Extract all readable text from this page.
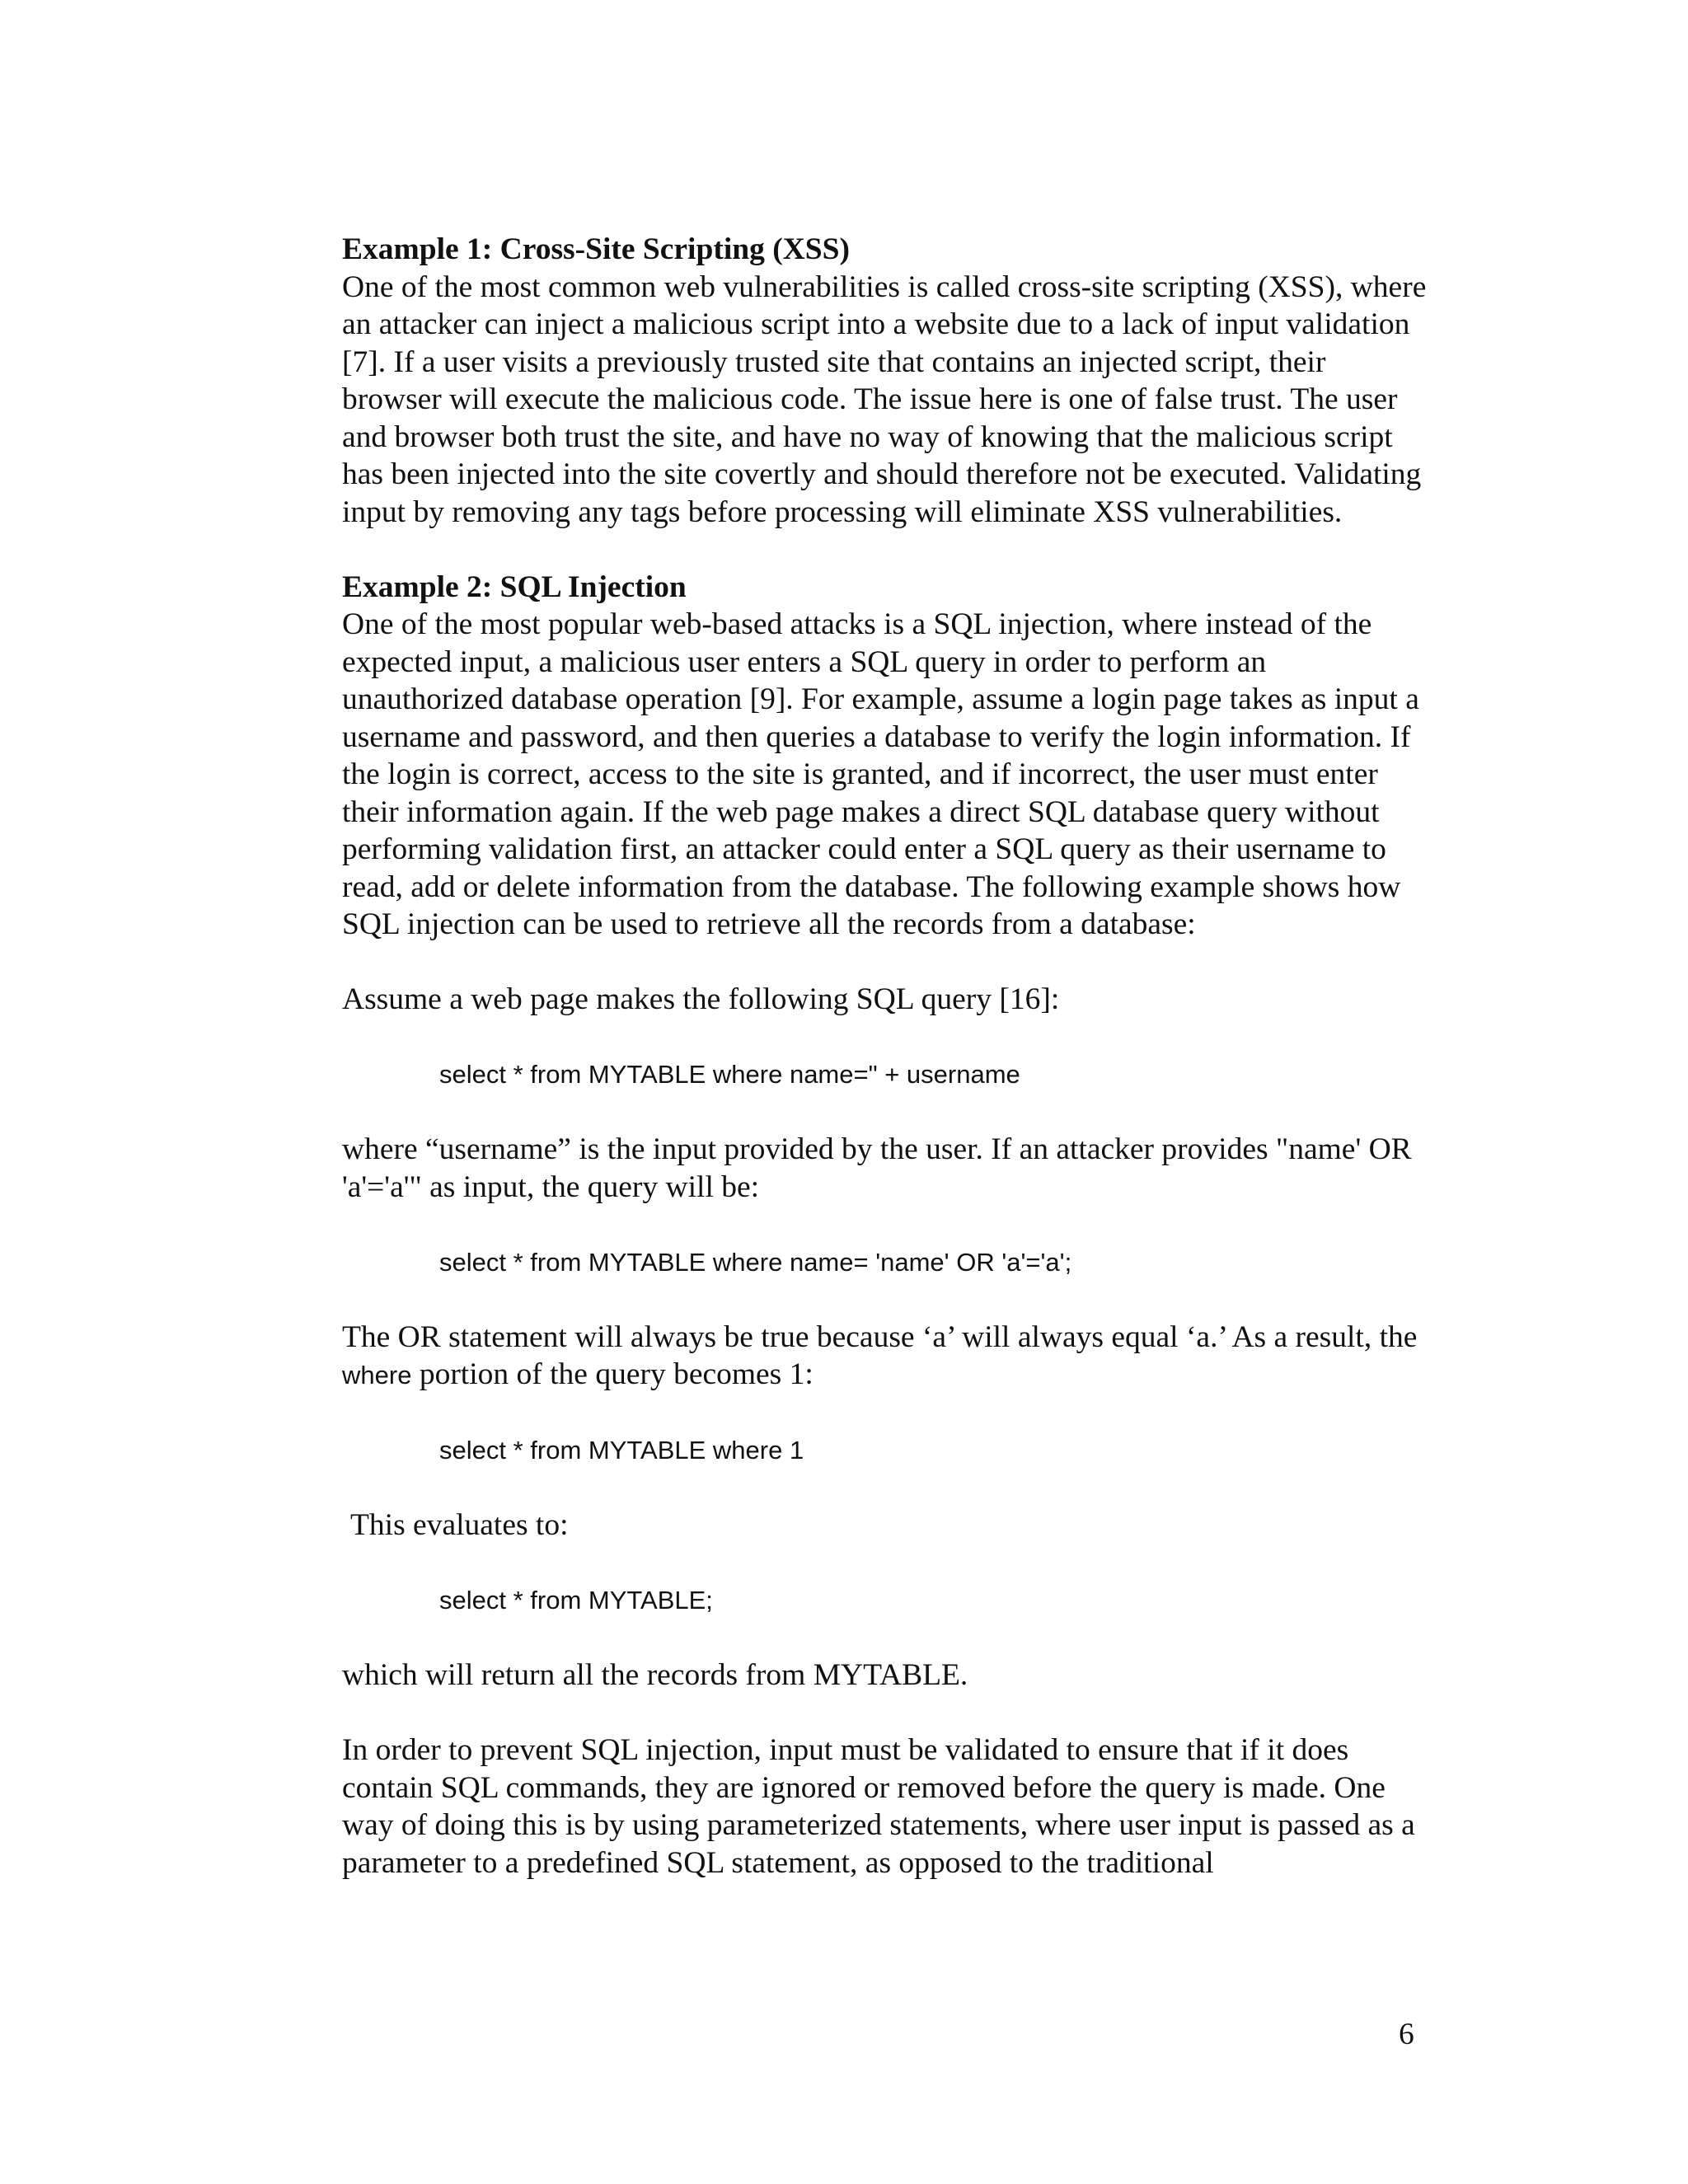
Example 1: Cross-Site Scripting (XSS)

One of the most common web vulnerabilities is called cross-site scripting (XSS), where an attacker can inject a malicious script into a website due to a lack of input validation [7]. If a user visits a previously trusted site that contains an injected script, their browser will execute the malicious code. The issue here is one of false trust. The user and browser both trust the site, and have no way of knowing that the malicious script has been injected into the site covertly and should therefore not be executed. Validating input by removing any tags before processing will eliminate XSS vulnerabilities.

Example 2: SQL Injection

One of the most popular web-based attacks is a SQL injection, where instead of the expected input, a malicious user enters a SQL query in order to perform an unauthorized database operation [9]. For example, assume a login page takes as input a username and password, and then queries a database to verify the login information. If the login is correct, access to the site is granted, and if incorrect, the user must enter their information again. If the web page makes a direct SQL database query without performing validation first, an attacker could enter a SQL query as their username to read, add or delete information from the database. The following example shows how SQL injection can be used to retrieve all the records from a database:

Assume a web page makes the following SQL query [16]:

select * from MYTABLE where name=" + username

where “username” is the input provided by the user. If an attacker provides "name' OR 'a'='a'" as input, the query will be:

select * from MYTABLE where name= 'name' OR 'a'='a';

The OR statement will always be true because ‘a’ will always equal ‘a.’ As a result, the where portion of the query becomes 1:

select * from MYTABLE where 1

This evaluates to:

select * from MYTABLE;

which will return all the records from MYTABLE.

In order to prevent SQL injection, input must be validated to ensure that if it does contain SQL commands, they are ignored or removed before the query is made. One way of doing this is by using parameterized statements, where user input is passed as a parameter to a predefined SQL statement, as opposed to the traditional

6
